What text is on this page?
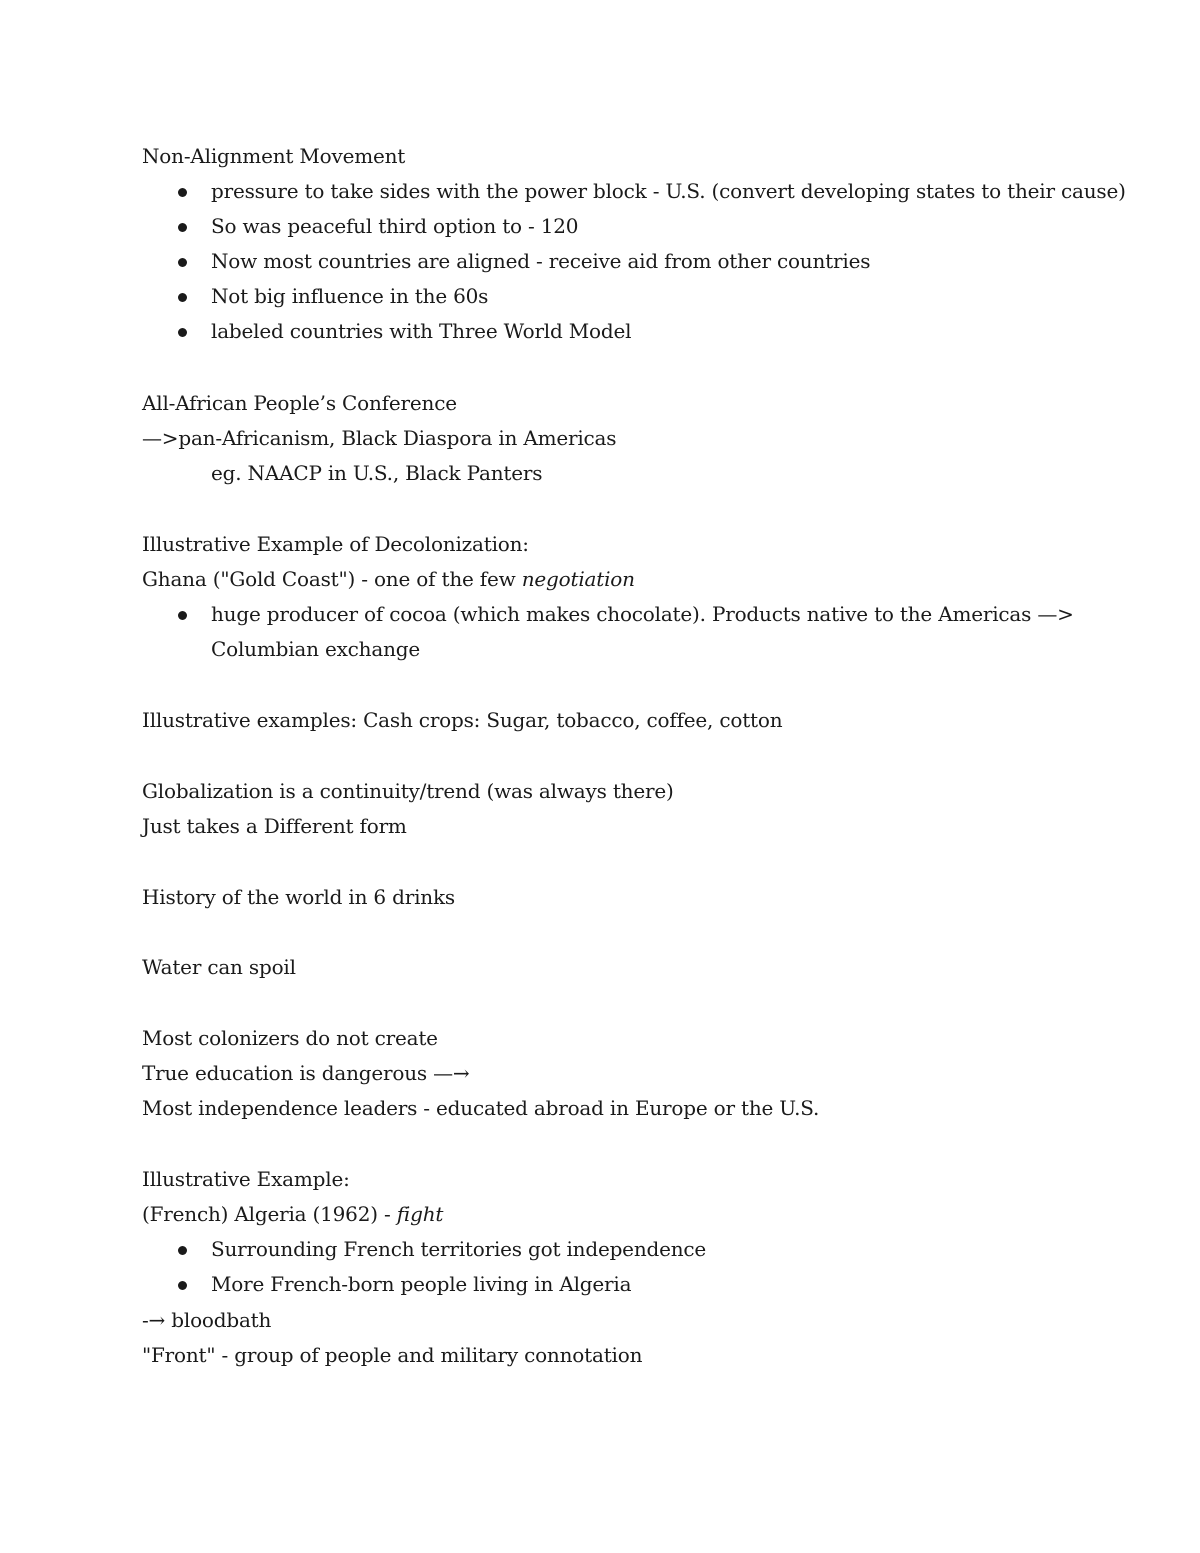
Non-Alignment Movement
pressure to take sides with the power block - U.S. (convert developing states to their cause)
So was peaceful third option to - 120
Now most countries are aligned - receive aid from other countries
Not big influence in the 60s
labeled countries with Three World Model
All-African People’s Conference
—>pan-Africanism, Black Diaspora in Americas
eg. NAACP in U.S., Black Panters
Illustrative Example of Decolonization:
Ghana ("Gold Coast") - one of the few negotiation
huge producer of cocoa (which makes chocolate). Products native to the Americas —>
Columbian exchange
Illustrative examples: Cash crops: Sugar, tobacco, coffee, cotton
Globalization is a continuity/trend (was always there)
Just takes a Different form
History of the world in 6 drinks
Water can spoil
Most colonizers do not create
True education is dangerous —→
Most independence leaders - educated abroad in Europe or the U.S.
Illustrative Example:
(French) Algeria (1962) - fight
Surrounding French territories got independence
More French-born people living in Algeria
-→ bloodbath
"Front" - group of people and military connotation
